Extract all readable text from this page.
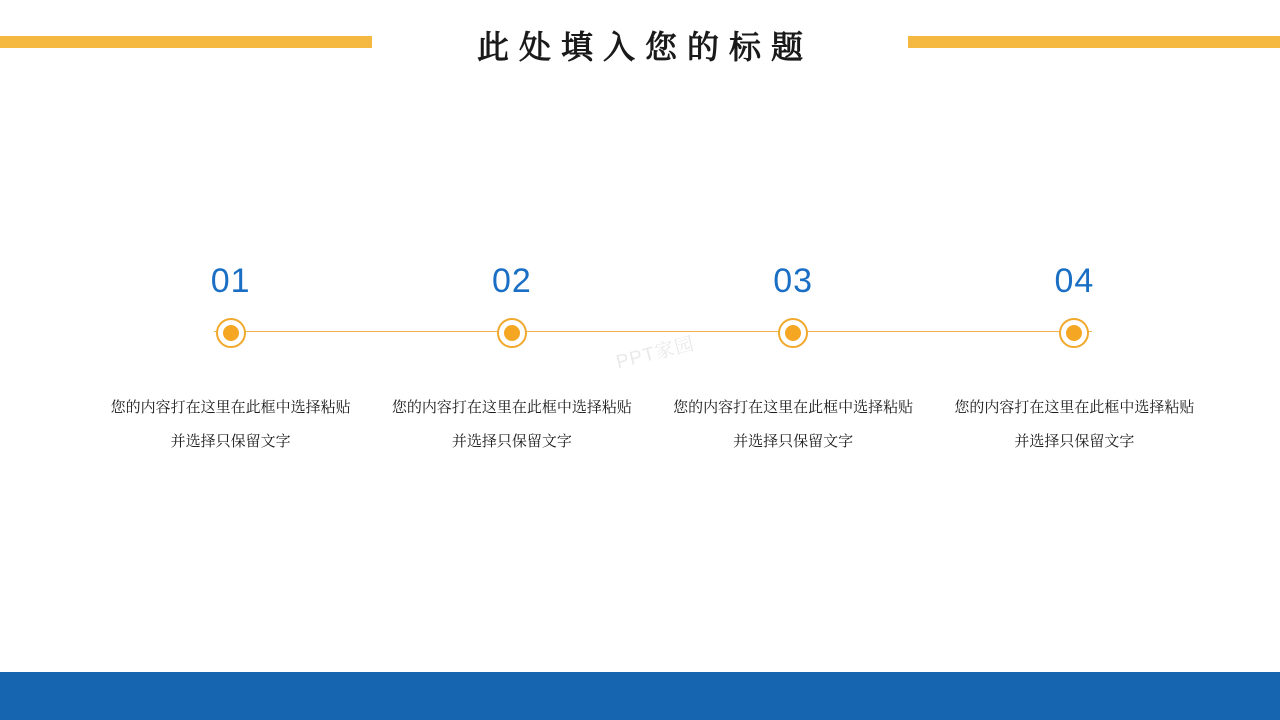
此处填入您的标题
01
您的内容打在这里在此框中选择粘贴并选择只保留文字
02
您的内容打在这里在此框中选择粘贴并选择只保留文字
03
您的内容打在这里在此框中选择粘贴并选择只保留文字
04
您的内容打在这里在此框中选择粘贴并选择只保留文字
PPT家园
